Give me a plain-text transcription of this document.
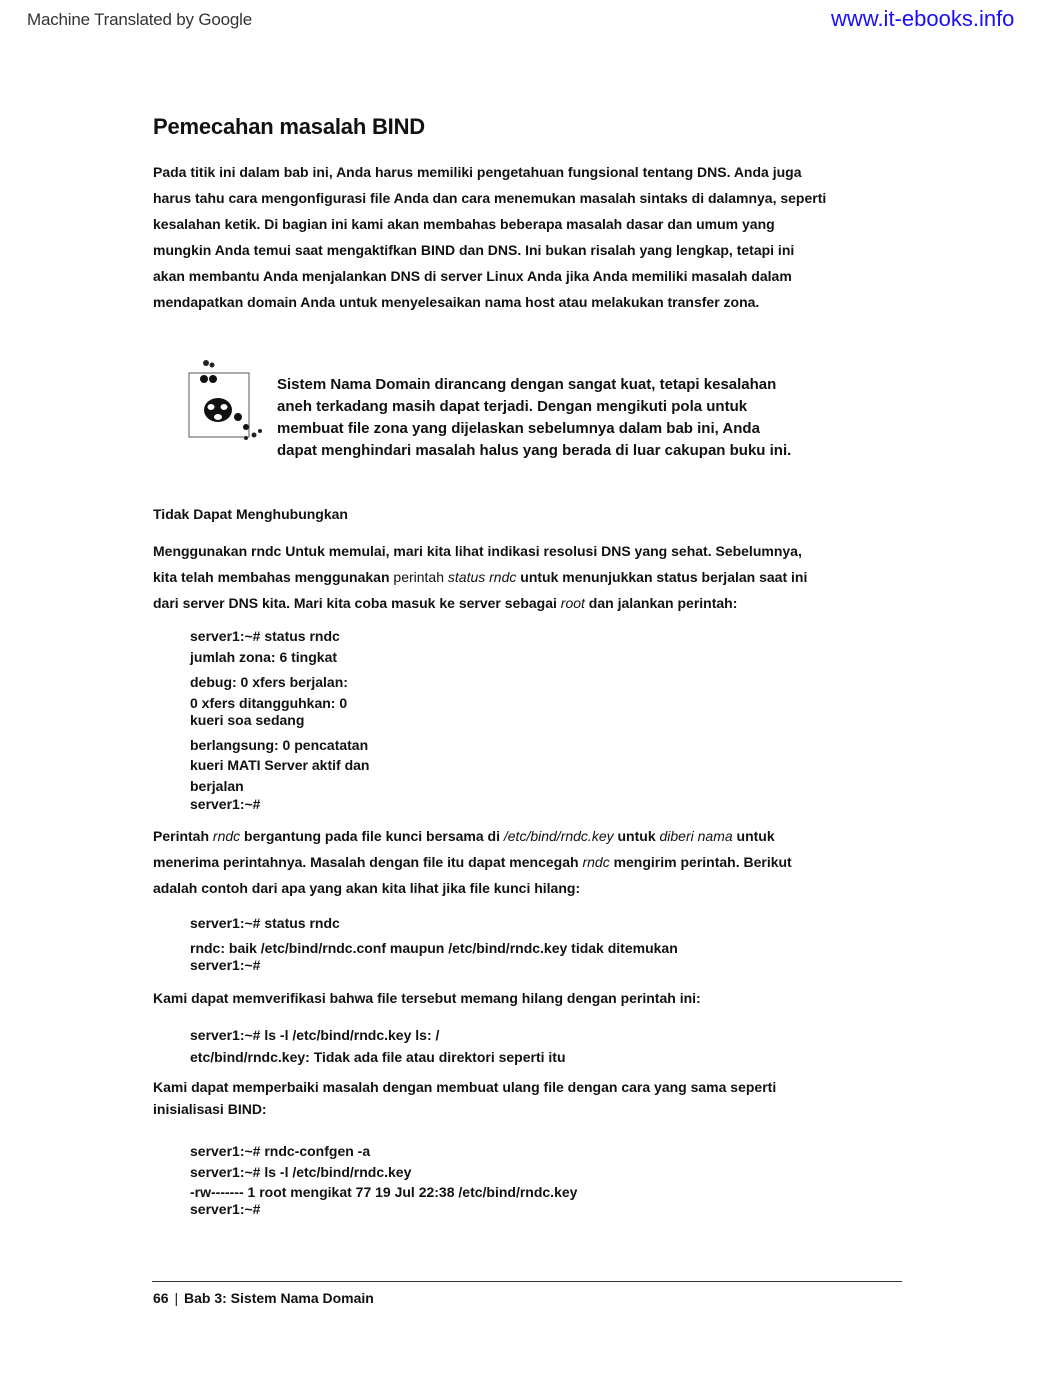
Machine Translated by Google	www.it-ebooks.info
Pemecahan masalah BIND

Pada titik ini dalam bab ini, Anda harus memiliki pengetahuan fungsional tentang DNS. Anda juga

harus tahu cara mengonfigurasi file Anda dan cara menemukan masalah sintaks di dalamnya, seperti

kesalahan ketik. Di bagian ini kami akan membahas beberapa masalah dasar dan umum yang

mungkin Anda temui saat mengaktifkan BIND dan DNS. Ini bukan risalah yang lengkap, tetapi ini

akan membantu Anda menjalankan DNS di server Linux Anda jika Anda memiliki masalah dalam

mendapatkan domain Anda untuk menyelesaikan nama host atau melakukan transfer zona.

Sistem Nama Domain dirancang dengan sangat kuat, tetapi kesalahan
aneh terkadang masih dapat terjadi. Dengan mengikuti pola untuk
membuat file zona yang dijelaskan sebelumnya dalam bab ini, Anda
dapat menghindari masalah halus yang berada di luar cakupan buku ini.

Tidak Dapat Menghubungkan

Menggunakan rndc Untuk memulai, mari kita lihat indikasi resolusi DNS yang sehat. Sebelumnya,

kita telah membahas menggunakan perintah status rndc untuk menunjukkan status berjalan saat ini

dari server DNS kita. Mari kita coba masuk ke server sebagai root dan jalankan perintah:

server1:~# status rndc

jumlah zona: 6 tingkat

debug: 0 xfers berjalan:

0 xfers ditangguhkan: 0

kueri soa sedang

berlangsung: 0 pencatatan

kueri MATI Server aktif dan

berjalan

server1:~#

Perintah rndc bergantung pada file kunci bersama di /etc/bind/rndc.key untuk diberi nama untuk

menerima perintahnya. Masalah dengan file itu dapat mencegah rndc mengirim perintah. Berikut

adalah contoh dari apa yang akan kita lihat jika file kunci hilang:

server1:~# status rndc

rndc: baik /etc/bind/rndc.conf maupun /etc/bind/rndc.key tidak ditemukan

server1:~#

Kami dapat memverifikasi bahwa file tersebut memang hilang dengan perintah ini:

server1:~# ls -l /etc/bind/rndc.key ls: /

etc/bind/rndc.key: Tidak ada file atau direktori seperti itu

Kami dapat memperbaiki masalah dengan membuat ulang file dengan cara yang sama seperti

inisialisasi BIND:

server1:~# rndc-confgen -a

server1:~# ls -l /etc/bind/rndc.key

-rw------- 1 root mengikat 77 19 Jul 22:38 /etc/bind/rndc.key

server1:~#

66 | Bab 3: Sistem Nama Domain
